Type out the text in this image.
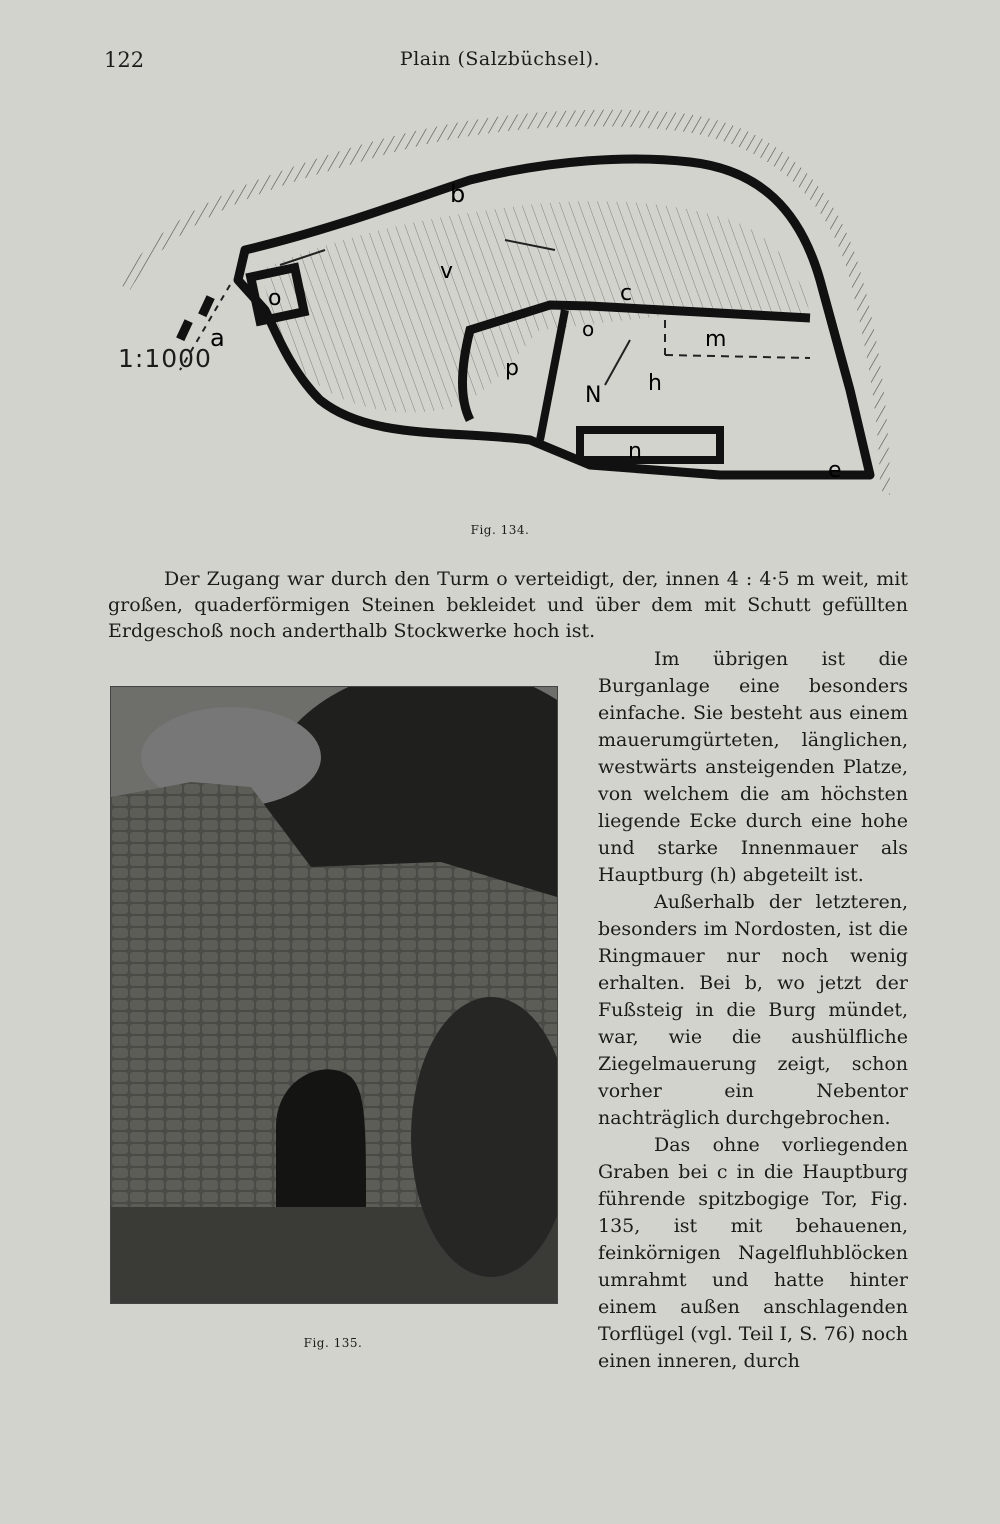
122	Plain (Salzbüchsel).
b
v
o
a
c
o
p
m
N h
n
e
1:1000
Fig. 134.

Der Zugang war durch den Turm o verteidigt, der, innen 4 : 4·5 m weit, mit großen, quaderförmigen Steinen bekleidet und über dem mit Schutt gefüllten Erdgeschoß noch anderthalb Stockwerke hoch ist.

Fig. 135.

Im übrigen ist die Burganlage eine besonders einfache. Sie besteht aus einem mauerumgürteten, länglichen, westwärts ansteigenden Platze, von welchem die am höchsten liegende Ecke durch eine hohe und starke Innenmauer als Hauptburg (h) abgeteilt ist.

Außerhalb der letzteren, besonders im Nordosten, ist die Ringmauer nur noch wenig erhalten. Bei b, wo jetzt der Fußsteig in die Burg mündet, war, wie die aushülfliche Ziegelmauerung zeigt, schon vorher ein Nebentor nachträglich durchgebrochen.

Das ohne vorliegenden Graben bei c in die Hauptburg führende spitzbogige Tor, Fig. 135, ist mit behauenen, feinkörnigen Nagelfluhblöcken umrahmt und hatte hinter einem außen anschlagenden Torflügel (vgl. Teil I, S. 76) noch einen inneren, durch
